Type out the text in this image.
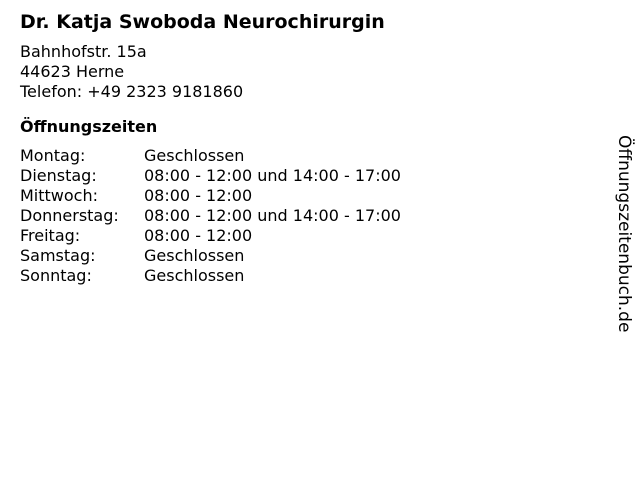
Dr. Katja Swoboda Neurochirurgin
Bahnhofstr. 15a
44623 Herne
Telefon: +49 2323 9181860
Öffnungszeiten
Montag:	Geschlossen
Dienstag:	08:00 - 12:00 und 14:00 - 17:00
Mittwoch:	08:00 - 12:00
Donnerstag:	08:00 - 12:00 und 14:00 - 17:00
Freitag:	08:00 - 12:00
Samstag:	Geschlossen
Sonntag:	Geschlossen	Öffnungszeitenbuch.de
